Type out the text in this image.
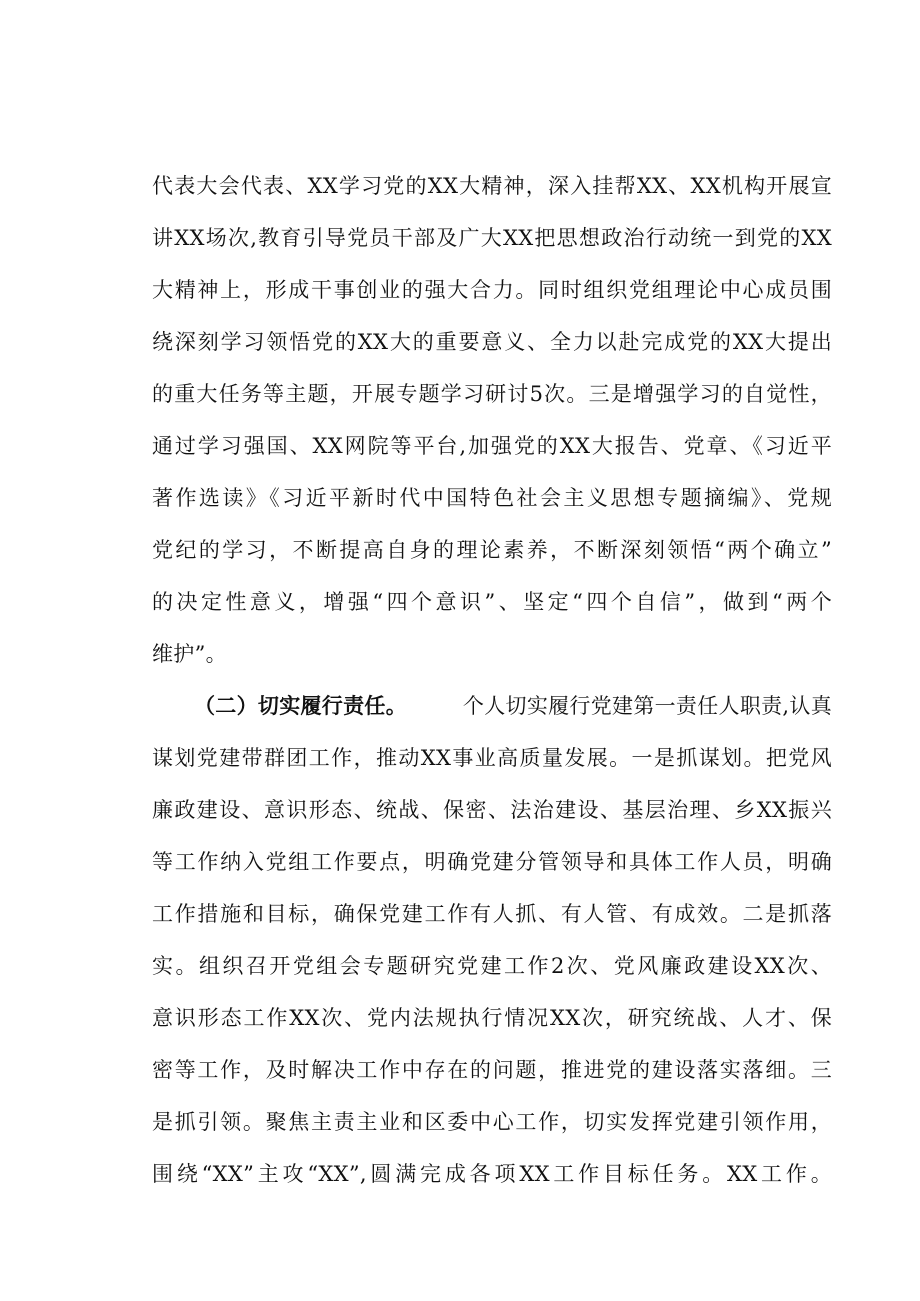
代表大会代表、XX学习党的XX大精神，深入挂帮XX、XX机构开展宣
讲XX场次,教育引导党员干部及广大XX把思想政治行动统一到党的XX
大精神上，形成干事创业的强大合力。同时组织党组理论中心成员围
绕深刻学习领悟党的XX大的重要意义、全力以赴完成党的XX大提出
的重大任务等主题，开展专题学习研讨5次。三是增强学习的自觉性，
通过学习强国、XX网院等平台,加强党的XX大报告、党章、《习近平
著作选读》《习近平新时代中国特色社会主义思想专题摘编》、党规
党纪的学习，不断提高自身的理论素养，不断深刻领悟“两个确立”
的决定性意义，增强“四个意识”、坚定“四个自信”，做到“两个
维护”。
（二）切实履行责任。	个人切实履行党建第一责任人职责,认真
谋划党建带群团工作，推动XX事业高质量发展。一是抓谋划。把党风
廉政建设、意识形态、统战、保密、法治建设、基层治理、乡XX振兴
等工作纳入党组工作要点，明确党建分管领导和具体工作人员，明确
工作措施和目标，确保党建工作有人抓、有人管、有成效。二是抓落
实。组织召开党组会专题研究党建工作2次、党风廉政建设XX次、
意识形态工作XX次、党内法规执行情况XX次，研究统战、人才、保
密等工作，及时解决工作中存在的问题，推进党的建设落实落细。三
是抓引领。聚焦主责主业和区委中心工作，切实发挥党建引领作用，
围绕“XX”主攻“XX”,圆满完成各项XX工作目标任务。XX工作。
